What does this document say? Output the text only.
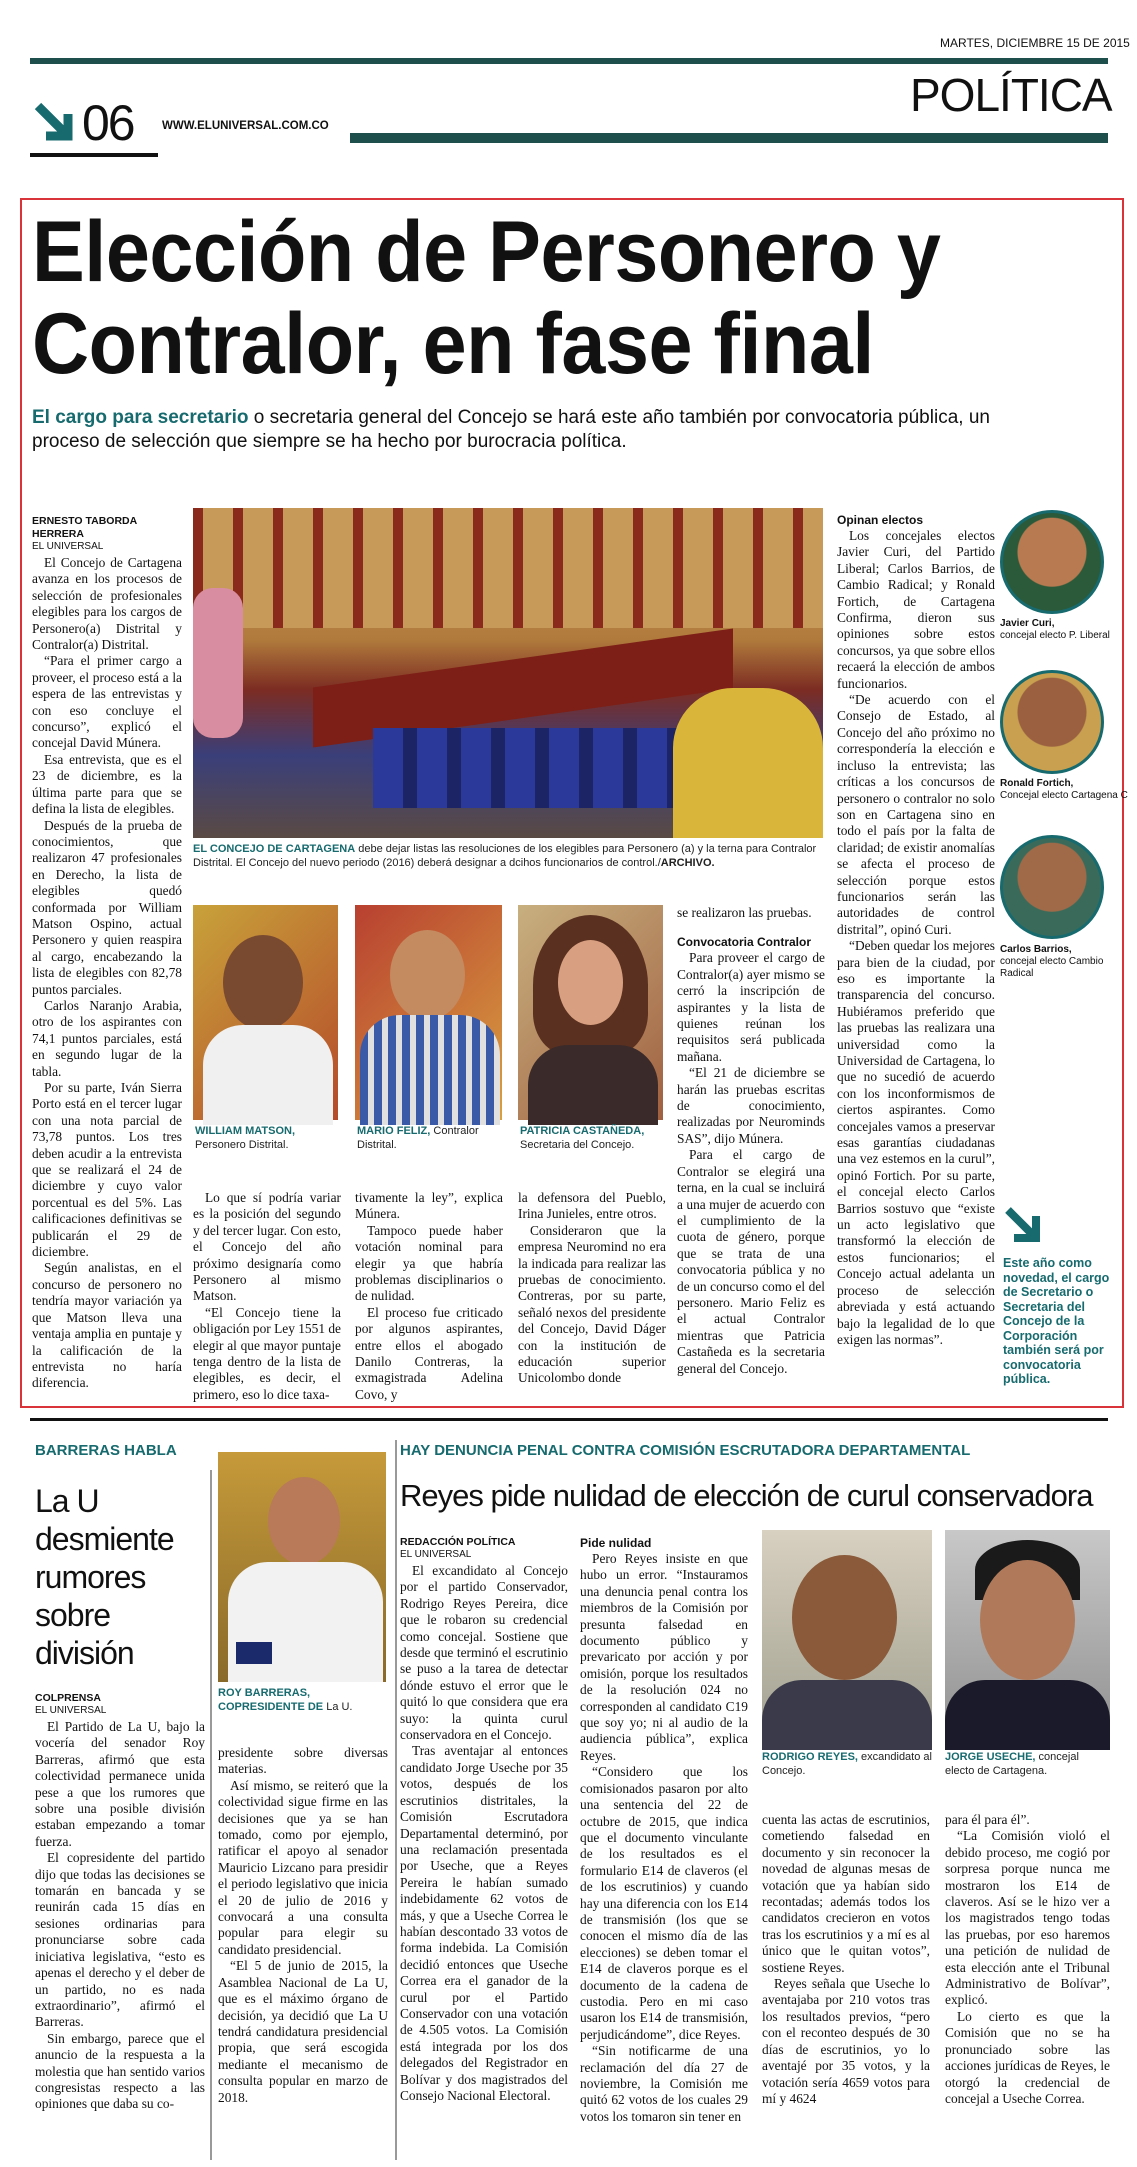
MARTES, DICIEMBRE 15 DE 2015
06 WWW.ELUNIVERSAL.COM.CO
POLÍTICA
Elección de Personero y
Contralor, en fase final
El cargo para secretario o secretaria general del Concejo se hará este año también por convocatoria pública, un proceso de selección que siempre se ha hecho por burocracia política.
ERNESTO TABORDA HERRERA
EL UNIVERSAL

El Concejo de Cartagena avanza en los procesos de selección de profesionales elegibles para los cargos de Personero(a) Distrital y Contralor(a) Distrital.

“Para el primer cargo a proveer, el proceso está a la espera de las entrevistas y con eso concluye el concurso”, explicó el concejal David Múnera.

Esa entrevista, que es el 23 de diciembre, es la última parte para que se defina la lista de elegibles.

Después de la prueba de conocimientos, que realizaron 47 profesionales en Derecho, la lista de elegibles quedó conformada por William Matson Ospino, actual Personero y quien reaspira al cargo, encabezando la lista de elegibles con 82,78 puntos parciales.

Carlos Naranjo Arabia, otro de los aspirantes con 74,1 puntos parciales, está en segundo lugar de la tabla.

Por su parte, Iván Sierra Porto está en el tercer lugar con una nota parcial de 73,78 puntos. Los tres deben acudir a la entrevista que se realizará el 24 de diciembre y cuyo valor porcentual es del 5%. Las calificaciones definitivas se publicarán el 29 de diciembre.

Según analistas, en el concurso de personero no tendría mayor variación ya que Matson lleva una ventaja amplia en puntaje y la calificación de la entrevista no haría diferencia.

EL CONCEJO DE CARTAGENA debe dejar listas las resoluciones de los elegibles para Personero (a) y la terna para Contralor Distrital. El Concejo del nuevo periodo (2016) deberá designar a dcihos funcionarios de control./ARCHIVO.
WILLIAM MATSON, Personero Distrital.
MARIO FELIZ, Contralor Distrital.
PATRICIA CASTAÑEDA, Secretaria del Concejo.

Lo que sí podría variar es la posición del segundo y del tercer lugar. Con esto, el Concejo del año próximo designaría como Personero al mismo Matson.

“El Concejo tiene la obligación por Ley 1551 de elegir al que mayor puntaje tenga dentro de la lista de elegibles, es decir, el primero, eso lo dice taxa-

tivamente la ley”, explica Múnera.

Tampoco puede haber votación nominal para elegir ya que habría problemas disciplinarios o de nulidad.

El proceso fue criticado por algunos aspirantes, entre ellos el abogado Danilo Contreras, la exmagistrada Adelina Covo, y

la defensora del Pueblo, Irina Junieles, entre otros.

Consideraron que la empresa Neuromind no era la indicada para realizar las pruebas de conocimiento. Contreras, por su parte, señaló nexos del presidente del Concejo, David Dáger con la institución de educación superior Unicolombo donde

se realizaron las pruebas.

Convocatoria Contralor

Para proveer el cargo de Contralor(a) ayer mismo se cerró la inscripción de aspirantes y la lista de quienes reúnan los requisitos será publicada mañana.

“El 21 de diciembre se harán las pruebas escritas de conocimiento, realizadas por Neurominds SAS”, dijo Múnera.

Para el cargo de Contralor se elegirá una terna, en la cual se incluirá a una mujer de acuerdo con el cumplimiento de la cuota de género, porque que se trata de una convocatoria pública y no de un concurso como el del personero. Mario Feliz es el actual Contralor mientras que Patricia Castañeda es la secretaria general del Concejo.

Opinan electos

Los concejales electos Javier Curi, del Partido Liberal; Carlos Barrios, de Cambio Radical; y Ronald Fortich, de Cartagena Confirma, dieron sus opiniones sobre estos concursos, ya que sobre ellos recaerá la elección de ambos funcionarios.

“De acuerdo con el Consejo de Estado, al Concejo del año próximo no correspondería la elección e incluso la entrevista; las críticas a los concursos de personero o contralor no solo son en Cartagena sino en todo el país por la falta de claridad; de existir anomalías se afecta el proceso de selección porque estos funcionarios serán las autoridades de control distrital”, opinó Curi.

“Deben quedar los mejores para bien de la ciudad, por eso es importante la transparencia del concurso. Hubiéramos preferido que las pruebas las realizara una universidad como la Universidad de Cartagena, lo que no sucedió de acuerdo con los inconformismos de ciertos aspirantes. Como concejales vamos a preservar esas garantías ciudadanas una vez estemos en la curul”, opinó Fortich. Por su parte, el concejal electo Carlos Barrios sostuvo que “existe un acto legislativo que transformó la elección de estos funcionarios; el Concejo actual adelanta un proceso de selección abreviada y está actuando bajo la legalidad de lo que exigen las normas”.

Javier Curi,
concejal electo P. Liberal
Ronald Fortich,
Concejal electo Cartagena C
Carlos Barrios,
concejal electo Cambio Radical
Este año como novedad, el cargo de Secretario o Secretaria del Concejo de la Corporación también será por convocatoria pública.
BARRERAS HABLA
La U desmiente rumores sobre división
ROY BARRERAS, COPRESIDENTE DE La U.
COLPRENSA
EL UNIVERSAL

El Partido de La U, bajo la vocería del senador Roy Barreras, afirmó que esta colectividad permanece unida pese a que los rumores que sobre una posible división estaban empezando a tomar fuerza.

El copresidente del partido dijo que todas las decisiones se tomarán en bancada y se reunirán cada 15 días en sesiones ordinarias para pronunciarse sobre cada iniciativa legislativa, “esto es apenas el derecho y el deber de un partido, no es nada extraordinario”, afirmó el Barreras.

Sin embargo, parece que el anuncio de la respuesta a la molestia que han sentido varios congresistas respecto a las opiniones que daba su co-

presidente sobre diversas materias.

Así mismo, se reiteró que la colectividad sigue firme en las decisiones que ya se han tomado, como por ejemplo, ratificar el apoyo al senador Mauricio Lizcano para presidir el periodo legislativo que inicia el 20 de julio de 2016 y convocará a una consulta popular para elegir su candidato presidencial.

“El 5 de junio de 2015, la Asamblea Nacional de La U, que es el máximo órgano de decisión, ya decidió que La U tendrá candidatura presidencial propia, que será escogida mediante el mecanismo de consulta popular en marzo de 2018.

HAY DENUNCIA PENAL CONTRA COMISIÓN ESCRUTADORA DEPARTAMENTAL
Reyes pide nulidad de elección de curul conservadora
REDACCIÓN POLÍTICA
EL UNIVERSAL

El excandidato al Concejo por el partido Conservador, Rodrigo Reyes Pereira, dice que le robaron su credencial como concejal. Sostiene que desde que terminó el escrutinio se puso a la tarea de detectar dónde estuvo el error que le quitó lo que considera que era suyo: la quinta curul conservadora en el Concejo.

Tras aventajar al entonces candidato Jorge Useche por 35 votos, después de los escrutinios distritales, la Comisión Escrutadora Departamental determinó, por una reclamación presentada por Useche, que a Reyes Pereira le habían sumado indebidamente 62 votos de más, y que a Useche Correa le habían descontado 33 votos de forma indebida. La Comisión decidió entonces que Useche Correa era el ganador de la curul por el Partido Conservador con una votación de 4.505 votos. La Comisión está integrada por los dos delegados del Registrador en Bolívar y dos magistrados del Consejo Nacional Electoral.

Pide nulidad

Pero Reyes insiste en que hubo un error. “Instauramos una denuncia penal contra los miembros de la Comisión por presunta falsedad en documento público y prevaricato por acción y por omisión, porque los resultados de la resolución 024 no corresponden al candidato C19 que soy yo; ni al audio de la audiencia pública”, explica Reyes.

“Considero que los comisionados pasaron por alto una sentencia del 22 de octubre de 2015, que indica que el documento vinculante de los resultados es el formulario E14 de claveros (el de los escrutinios) y cuando hay una diferencia con los E14 de transmisión (los que se conocen el mismo día de las elecciones) se deben tomar el E14 de claveros porque es el documento de la cadena de custodia. Pero en mi caso usaron los E14 de transmisión, perjudicándome”, dice Reyes.

“Sin notificarme de una reclamación del día 27 de noviembre, la Comisión me quitó 62 votos de los cuales 29 votos los tomaron sin tener en

RODRIGO REYES, excandidato al Concejo.
JORGE USECHE, concejal electo de Cartagena.

cuenta las actas de escrutinios, cometiendo falsedad en documento y sin reconocer la novedad de algunas mesas de votación que ya habían sido recontadas; además todos los candidatos crecieron en votos tras los escrutinios y a mí es al único que le quitan votos”, sostiene Reyes.

Reyes señala que Useche lo aventajaba por 210 votos tras los resultados previos, “pero con el reconteo después de 30 días de escrutinios, yo lo aventajé por 35 votos, y la votación sería 4659 votos para mí y 4624

para él para él”.

“La Comisión violó el debido proceso, me cogió por sorpresa porque nunca me mostraron los E14 de claveros. Así se le hizo ver a los magistrados tengo todas las pruebas, por eso haremos una petición de nulidad de esta elección ante el Tribunal Administrativo de Bolívar”, explicó.

Lo cierto es que la Comisión que no se ha pronunciado sobre las acciones jurídicas de Reyes, le otorgó la credencial de concejal a Useche Correa.
